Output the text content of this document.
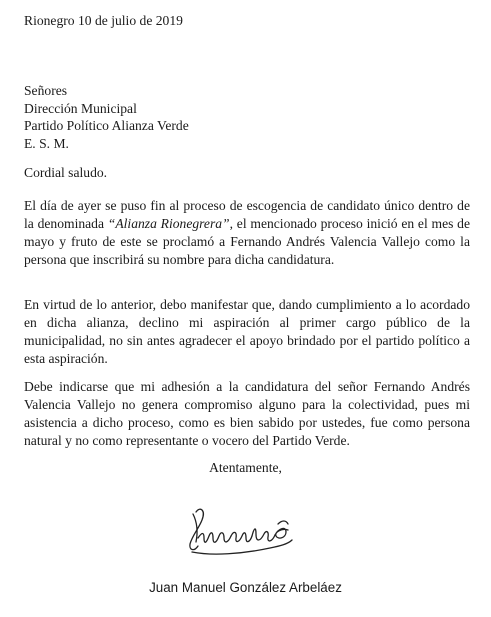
Rionegro 10 de julio de 2019
Señores
Dirección Municipal
Partido Político Alianza Verde
E. S. M.
Cordial saludo.

El día de ayer se puso fin al proceso de escogencia de candidato único dentro de la denominada “Alianza Rionegrera”, el mencionado proceso inició en el mes de mayo y fruto de este se proclamó a Fernando Andrés Valencia Vallejo como la persona que inscribirá su nombre para dicha candidatura.

En virtud de lo anterior, debo manifestar que, dando cumplimiento a lo acordado en dicha alianza, declino mi aspiración al primer cargo público de la municipalidad, no sin antes agradecer el apoyo brindado por el partido político a esta aspiración.

Debe indicarse que mi adhesión a la candidatura del señor Fernando Andrés Valencia Vallejo no genera compromiso alguno para la colectividad, pues mi asistencia a dicho proceso, como es bien sabido por ustedes, fue como persona natural y no como representante o vocero del Partido Verde.

Atentamente,
Juan Manuel González Arbeláez
